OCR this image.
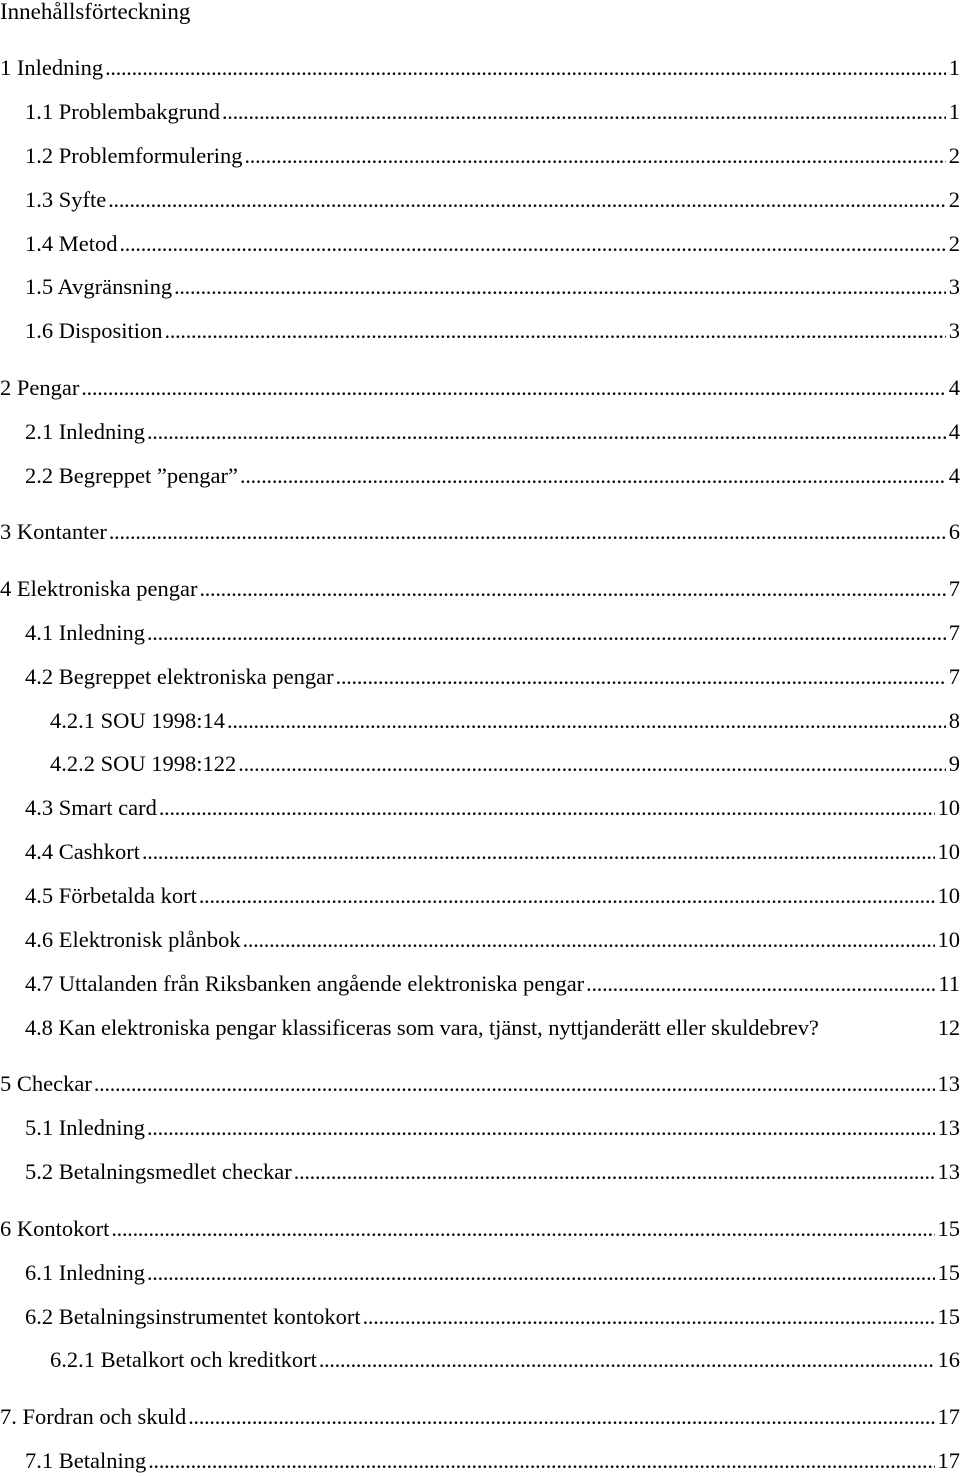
Innehållsförteckning
1 Inledning .....	1
1.1 Problembakgrund .....	1
1.2 Problemformulering .....	2
1.3 Syfte .....	2
1.4 Metod .....	2
1.5 Avgränsning .....	3
1.6 Disposition .....	3
2 Pengar .....	4
2.1 Inledning .....	4
2.2 Begreppet ”pengar” .....	4
3 Kontanter .....	6
4 Elektroniska pengar .....	7
4.1 Inledning .....	7
4.2 Begreppet elektroniska pengar .....	7
4.2.1 SOU 1998:14 .....	8
4.2.2 SOU 1998:122 .....	9
4.3 Smart card .....	10
4.4 Cashkort .....	10
4.5 Förbetalda kort .....	10
4.6 Elektronisk plånbok .....	10
4.7 Uttalanden från Riksbanken angående elektroniska pengar .....	11
4.8 Kan elektroniska pengar klassificeras som vara, tjänst, nyttjanderätt eller skuldebrev?	12
5 Checkar .....	13
5.1 Inledning .....	13
5.2 Betalningsmedlet checkar .....	13
6 Kontokort .....	15
6.1 Inledning .....	15
6.2 Betalningsinstrumentet kontokort .....	15
6.2.1 Betalkort och kreditkort .....	16
7. Fordran och skuld .....	17
7.1 Betalning .....	17
